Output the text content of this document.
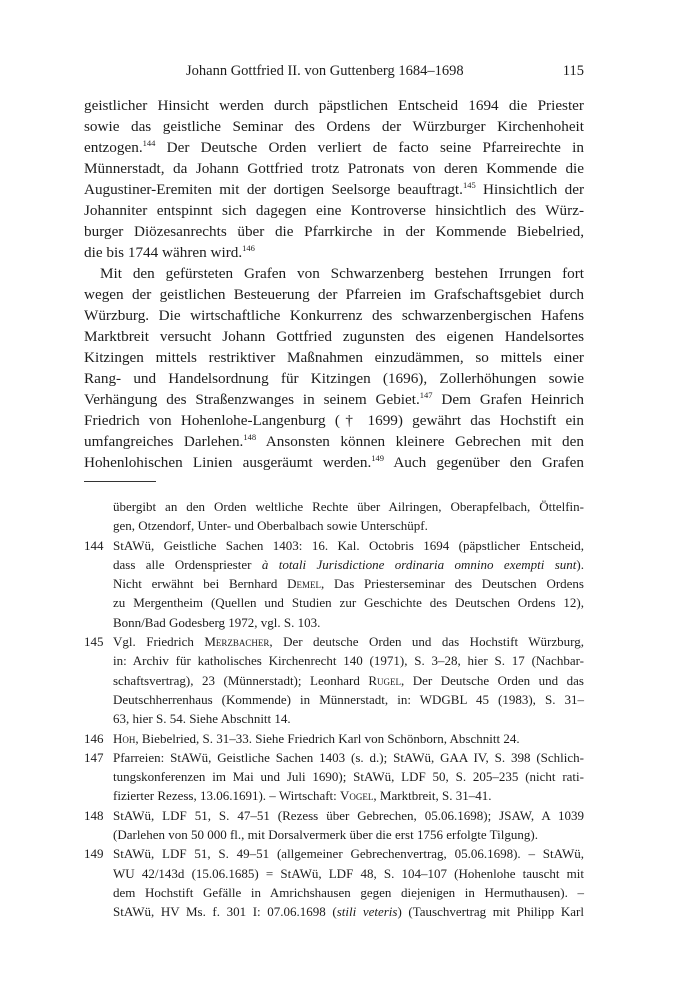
Johann Gottfried II. von Guttenberg 1684–1698	115
geistlicher Hinsicht werden durch päpstlichen Entscheid 1694 die Priester
sowie das geistliche Seminar des Ordens der Würzburger Kirchenhoheit
entzogen.$^{144}$ Der Deutsche Orden verliert de facto seine Pfarreirechte in
Münnerstadt, da Johann Gottfried trotz Patronats von deren Kommende die
Augustiner-Eremiten mit der dortigen Seelsorge beauftragt.$^{145}$ Hinsichtlich der
Johanniter entspinnt sich dagegen eine Kontroverse hinsichtlich des Würz-
burger Diözesanrechts über die Pfarrkirche in der Kommende Biebelried,
die bis 1744 währen wird.$^{146}$
Mit den gefürsteten Grafen von Schwarzenberg bestehen Irrungen fort
wegen der geistlichen Besteuerung der Pfarreien im Grafschaftsgebiet durch
Würzburg. Die wirtschaftliche Konkurrenz des schwarzenbergischen Hafens
Marktbreit versucht Johann Gottfried zugunsten des eigenen Handelsortes
Kitzingen mittels restriktiver Maßnahmen einzudämmen, so mittels einer
Rang- und Handelsordnung für Kitzingen (1696), Zollerhöhungen sowie
Verhängung des Straßenzwanges in seinem Gebiet.$^{147}$ Dem Grafen Heinrich
Friedrich von Hohenlohe-Langenburg († 1699) gewährt das Hochstift ein
umfangreiches Darlehen.$^{148}$ Ansonsten können kleinere Gebrechen mit den
Hohenlohischen Linien ausgeräumt werden.$^{149}$ Auch gegenüber den Grafen
übergibt an den Orden weltliche Rechte über Ailringen, Oberapfelbach, Öttelfin-
gen, Otzendorf, Unter- und Oberbalbach sowie Unterschüpf.
144 StAWü, Geistliche Sachen 1403: 16. Kal. Octobris 1694 (päpstlicher Entscheid,
dass alle Ordenspriester à totali Jurisdictione ordinaria omnino exempti sunt).
Nicht erwähnt bei Bernhard Demel, Das Priesterseminar des Deutschen Ordens
zu Mergentheim (Quellen und Studien zur Geschichte des Deutschen Ordens 12),
Bonn/Bad Godesberg 1972, vgl. S. 103.
145 Vgl. Friedrich Merzbacher, Der deutsche Orden und das Hochstift Würzburg,
in: Archiv für katholisches Kirchenrecht 140 (1971), S. 3–28, hier S. 17 (Nachbar-
schaftsvertrag), 23 (Münnerstadt); Leonhard Rugel, Der Deutsche Orden und das
Deutschherrenhaus (Kommende) in Münnerstadt, in: WDGBL 45 (1983), S. 31–
63, hier S. 54. Siehe Abschnitt 14.
146 Hoh, Biebelried, S. 31–33. Siehe Friedrich Karl von Schönborn, Abschnitt 24.
147 Pfarreien: StAWü, Geistliche Sachen 1403 (s. d.); StAWü, GAA IV, S. 398 (Schlich-
tungskonferenzen im Mai und Juli 1690); StAWü, LDF 50, S. 205–235 (nicht rati-
fizierter Rezess, 13.06.1691). – Wirtschaft: Vogel, Marktbreit, S. 31–41.
148 StAWü, LDF 51, S. 47–51 (Rezess über Gebrechen, 05.06.1698); JSAW, A 1039
(Darlehen von 50 000 fl., mit Dorsalvermerk über die erst 1756 erfolgte Tilgung).
149 StAWü, LDF 51, S. 49–51 (allgemeiner Gebrechenvertrag, 05.06.1698). – StAWü,
WU 42/143d (15.06.1685) = StAWü, LDF 48, S. 104–107 (Hohenlohe tauscht mit
dem Hochstift Gefälle in Amrichshausen gegen diejenigen in Hermuthausen). –
StAWü, HV Ms. f. 301 I: 07.06.1698 (stili veteris) (Tauschvertrag mit Philipp Karl
